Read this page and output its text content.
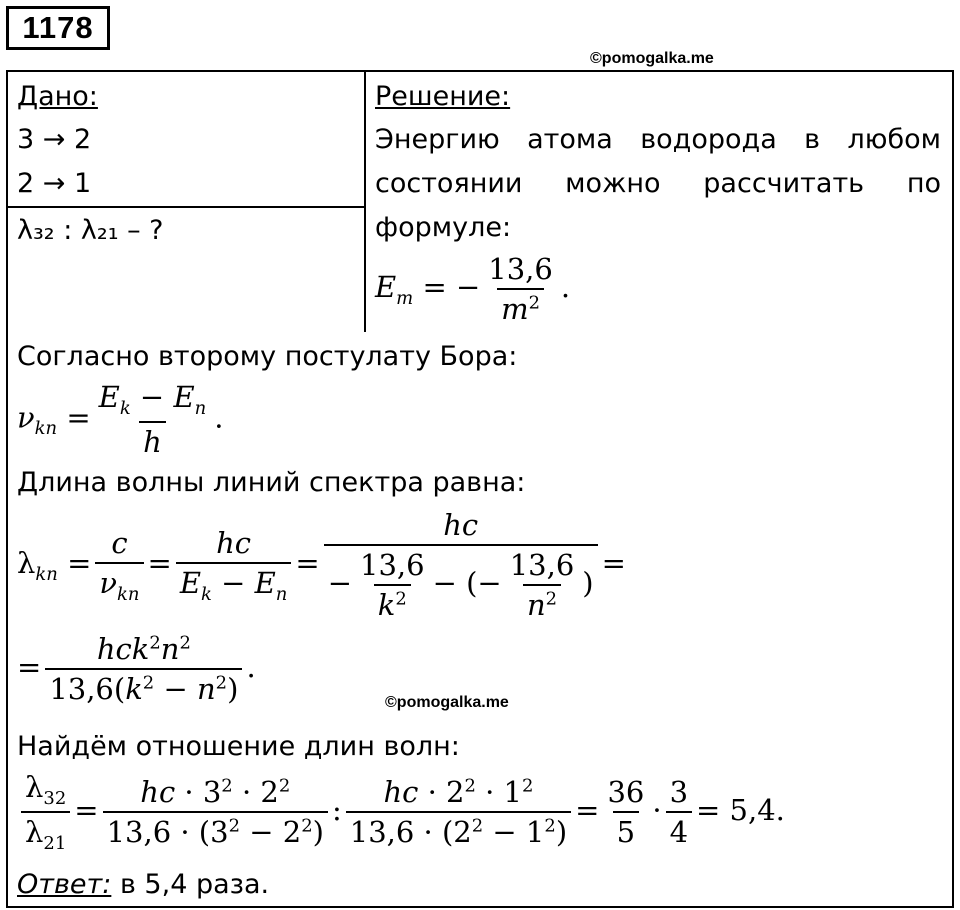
1178
©pomogalka.me
©pomogalka.me
Дано:
3 → 2
2 → 1
λ₃₂ : λ₂₁ – ?
Решение:
Энергию атома водорода в любом
состоянии можно рассчитать по
формуле:
$E_m$ = − $\frac{13,6}{m^2}$ .
Согласно второму постулату Бора:
$\nu_{kn} = \frac{E_k - E_n}{h}$ .
Длина волны линий спектра равна:
$\lambda_{kn} = \frac{c}{\nu_{kn}} = \frac{hc}{E_k - E_n} = \frac{hc}{- \frac{13,6}{k^2} - (- \frac{13,6}{n^2} )}$ =
= $\frac{hck^2n^2}{13,6(k^2 - n^2)}$ .
Найдём отношение длин волн:
$\frac{\lambda_{32}}{\lambda_{21}} = \frac{hc \cdot 3^2 \cdot 2^2}{13,6 \cdot (3^2 - 2^2)}$ : $\frac{hc \cdot 2^2 \cdot 1^2}{13,6 \cdot (2^2 - 1^2)} = \frac{36}{5} \cdot \frac{3}{4} = 5,4$.
Ответ: в 5,4 раза.
